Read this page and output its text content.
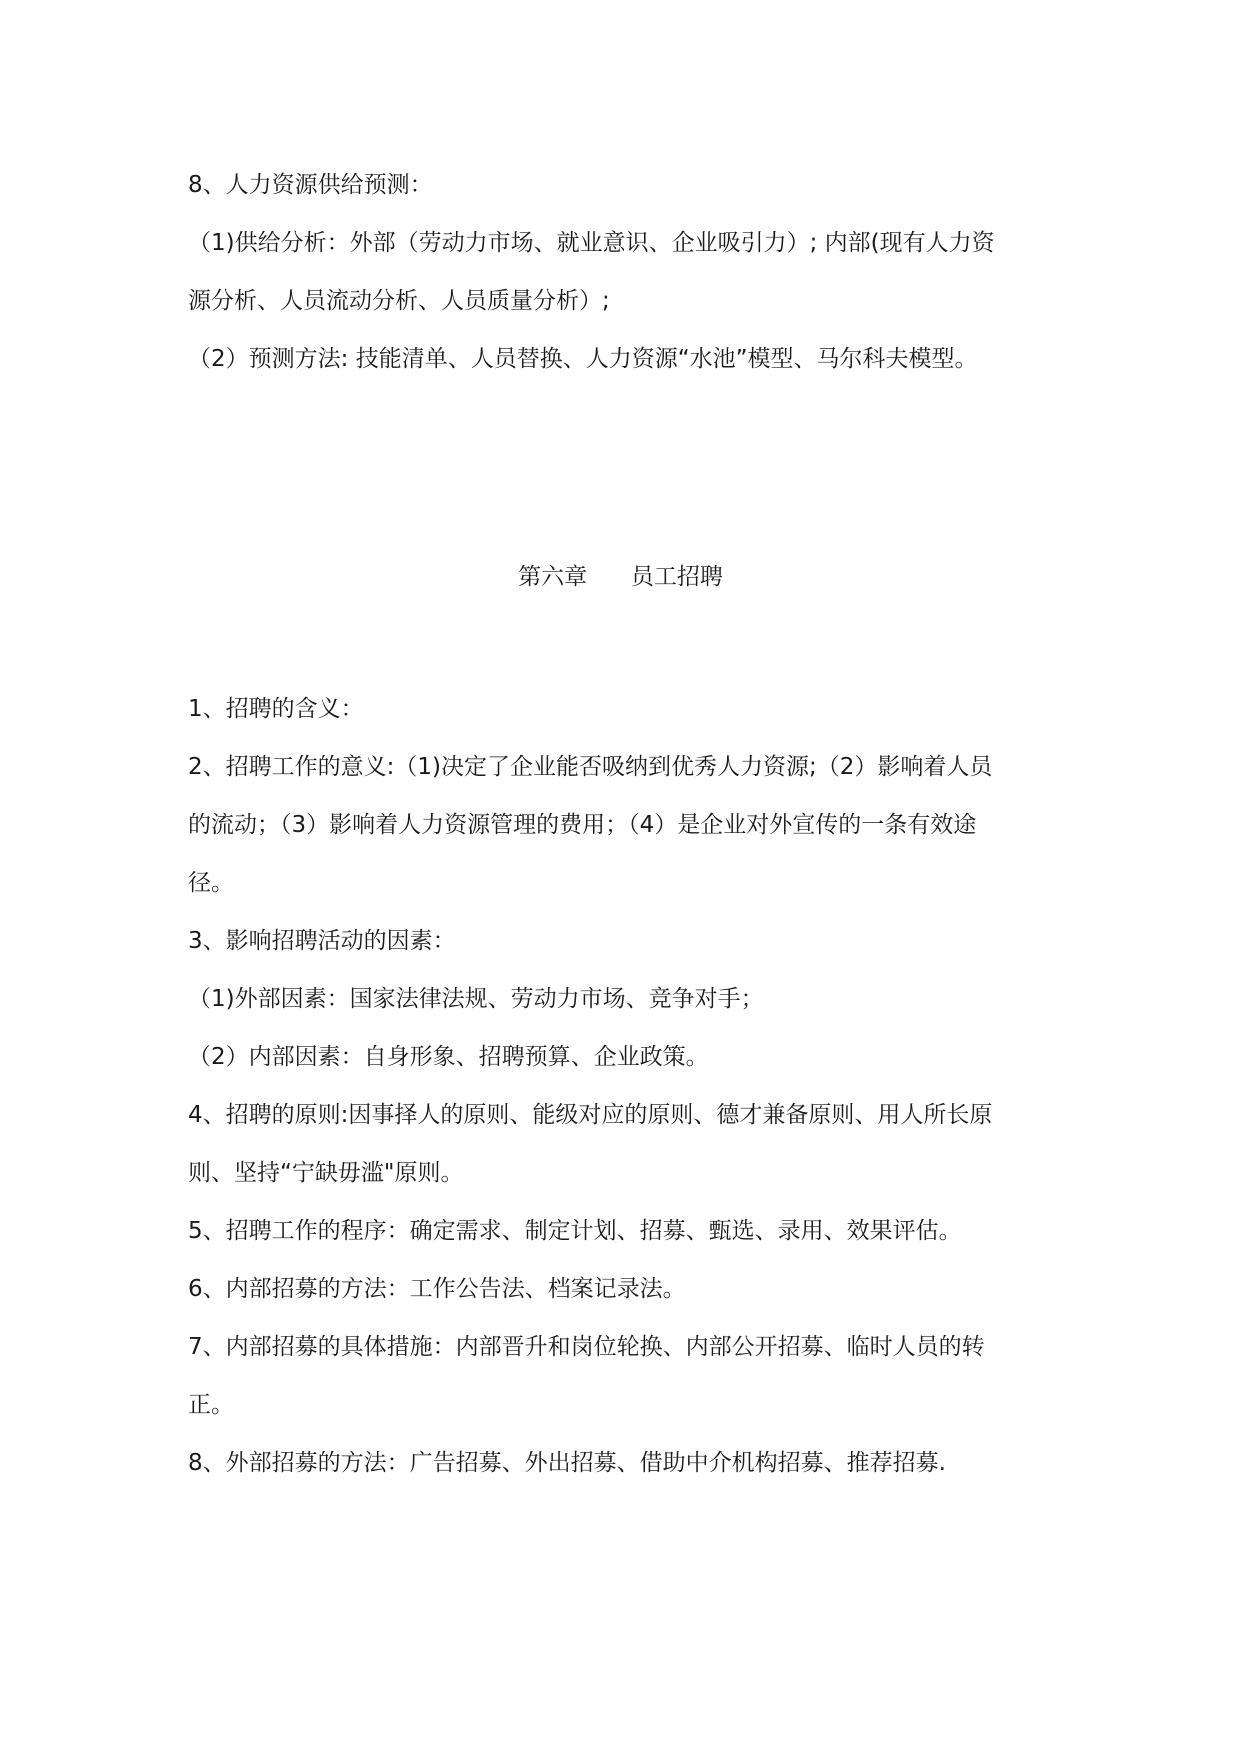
8、人力资源供给预测：
（1)供给分析：外部（劳动力市场、就业意识、企业吸引力）; 内部(现有人力资
源分析、人员流动分析、人员质量分析）;
（2）预测方法: 技能清单、人员替换、人力资源“水池”模型、马尔科夫模型。
第六章      员工招聘
1、招聘的含义：
2、招聘工作的意义:（1)决定了企业能否吸纳到优秀人力资源;（2）影响着人员
的流动；（3）影响着人力资源管理的费用；（4）是企业对外宣传的一条有效途
径。
3、影响招聘活动的因素：
（1)外部因素：国家法律法规、劳动力市场、竞争对手；
（2）内部因素：自身形象、招聘预算、企业政策。
4、招聘的原则:因事择人的原则、能级对应的原则、德才兼备原则、用人所长原
则、坚持“宁缺毋滥"原则。
5、招聘工作的程序：确定需求、制定计划、招募、甄选、录用、效果评估。
6、内部招募的方法：工作公告法、档案记录法。
7、内部招募的具体措施：内部晋升和岗位轮换、内部公开招募、临时人员的转
正。
8、外部招募的方法：广告招募、外出招募、借助中介机构招募、推荐招募.
